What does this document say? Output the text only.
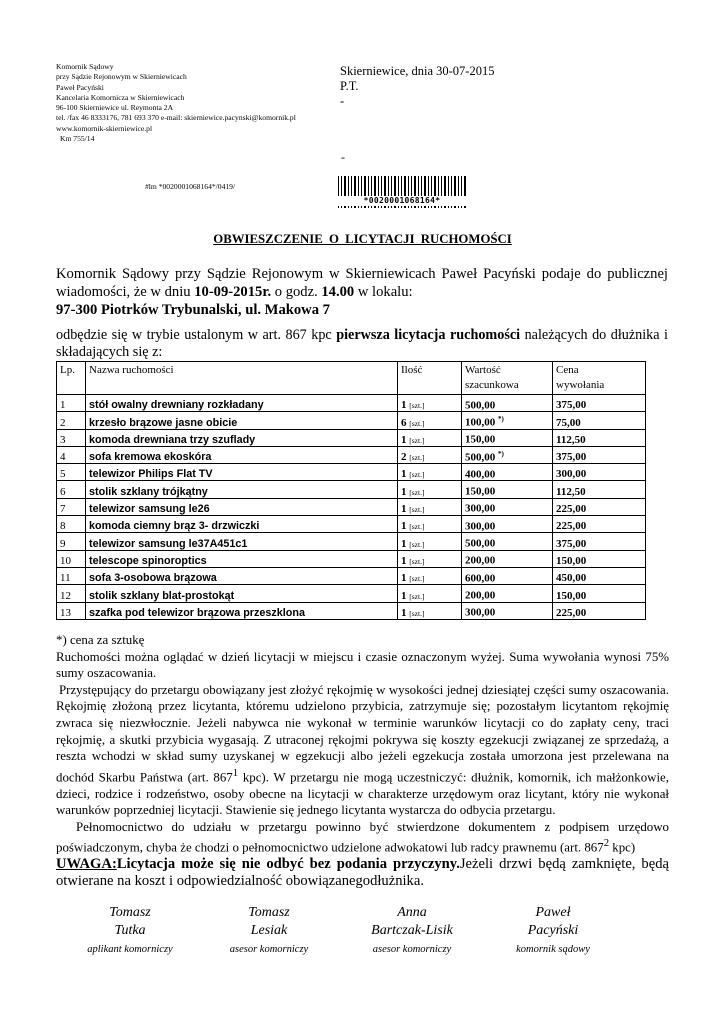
Komornik Sądowy
przy Sądzie Rejonowym w Skierniewicach
Paweł Pacyński
Kancelaria Komornicza w Skierniewicach
96-100 Skierniewice ul. Reymonta 2A
tel. /fax 46 8333176, 781 693 370 e-mail: skierniewice.pacynski@komornik.pl
www.komornik-skierniewice.pl
Km 755/14
Skierniewice, dnia 30-07-2015
P.T.
-
-
#lm *0020001068164*/0419/
*0020001068164*
OBWIESZCZENIE O LICYTACJI RUCHOMOŚCI

Komornik Sądowy przy Sądzie Rejonowym w Skierniewicach Paweł Pacyński podaje do publicznej wiadomości, że w dniu 10-09-2015r. o godz. 14.00 w lokalu:

97-300 Piotrków Trybunalski, ul. Makowa 7

odbędzie się w trybie ustalonym w art. 867 kpc pierwsza licytacja ruchomości należących do dłużnika i składających się z:

Lp.	Nazwa ruchomości	Ilość	Wartość
szacunkowa	Cena
wywołania
1	stół owalny drewniany rozkładany	1 [szt.]	500,00	375,00
2	krzesło brązowe jasne obicie	6 [szt.]	100,00 *)	75,00
3	komoda drewniana trzy szuflady	1 [szt.]	150,00	112,50
4	sofa kremowa ekoskóra	2 [szt.]	500,00 *)	375,00
5	telewizor Philips Flat TV	1 [szt.]	400,00	300,00
6	stolik szklany trójkątny	1 [szt.]	150,00	112,50
7	telewizor samsung le26	1 [szt.]	300,00	225,00
8	komoda ciemny brąz 3- drzwiczki	1 [szt.]	300,00	225,00
9	telewizor samsung le37A451c1	1 [szt.]	500,00	375,00
10	telescope spinoroptics	1 [szt.]	200,00	150,00
11	sofa 3-osobowa brązowa	1 [szt.]	600,00	450,00
12	stolik szklany blat-prostokąt	1 [szt.]	200,00	150,00
13	szafka pod telewizor brązowa przeszklona	1 [szt.]	300,00	225,00

*) cena za sztukę

Ruchomości można oglądać w dzień licytacji w miejscu i czasie oznaczonym wyżej. Suma wywołania wynosi 75% sumy oszacowania.

Przystępujący do przetargu obowiązany jest złożyć rękojmię w wysokości jednej dziesiątej części sumy oszacowania. Rękojmię złożoną przez licytanta, któremu udzielono przybicia, zatrzymuje się; pozostałym licytantom rękojmię zwraca się niezwłocznie. Jeżeli nabywca nie wykonał w terminie warunków licytacji co do zapłaty ceny, traci rękojmię, a skutki przybicia wygasają. Z utraconej rękojmi pokrywa się koszty egzekucji związanej ze sprzedażą, a reszta wchodzi w skład sumy uzyskanej w egzekucji albo jeżeli egzekucja została umorzona jest przelewana na dochód Skarbu Państwa (art. $867^1$ kpc). W przetargu nie mogą uczestniczyć: dłużnik, komornik, ich małżonkowie, dzieci, rodzice i rodzeństwo, osoby obecne na licytacji w charakterze urzędowym oraz licytant, który nie wykonał warunków poprzedniej licytacji. Stawienie się jednego licytanta wystarcza do odbycia przetargu.

Pełnomocnictwo do udziału w przetargu powinno być stwierdzone dokumentem z podpisem urzędowo poświadczonym, chyba że chodzi o pełnomocnictwo udzielone adwokatowi lub radcy prawnemu (art. $867^2$ kpc)

UWAGA:Licytacja może się nie odbyć bez podania przyczyny.Jeżeli drzwi będą zamknięte, będą otwierane na koszt i odpowiedzialność obowiązanegodłużnika.

Tomasz
Tutka
aplikant komorniczy
Tomasz
Lesiak
asesor komorniczy
Anna
Bartczak-Lisik
asesor komorniczy
Paweł
Pacyński
komornik sądowy
